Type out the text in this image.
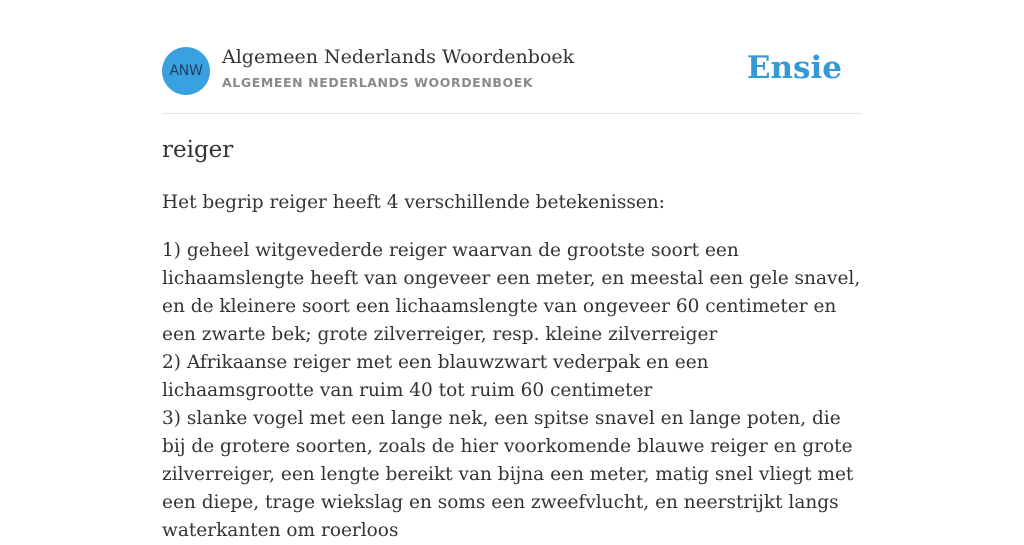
ANW
Algemeen Nederlands Woordenboek
ALGEMEEN NEDERLANDS WOORDENBOEK	Ensie
reiger

Het begrip reiger heeft 4 verschillende betekenissen:

1) geheel witgevederde reiger waarvan de grootste soort een lichaamslengte heeft van ongeveer een meter, en meestal een gele snavel, en de kleinere soort een lichaamslengte van ongeveer 60 centimeter en een zwarte bek; grote zilverreiger, resp. kleine zilverreiger

2) Afrikaanse reiger met een blauwzwart vederpak en een lichaamsgrootte van ruim 40 tot ruim 60 centimeter

3) slanke vogel met een lange nek, een spitse snavel en lange poten, die bij de grotere soorten, zoals de hier voorkomende blauwe reiger en grote zilverreiger, een lengte bereikt van bijna een meter, matig snel vliegt met een diepe, trage wiekslag en soms een zweefvlucht, en neerstrijkt langs waterkanten om roerloos
